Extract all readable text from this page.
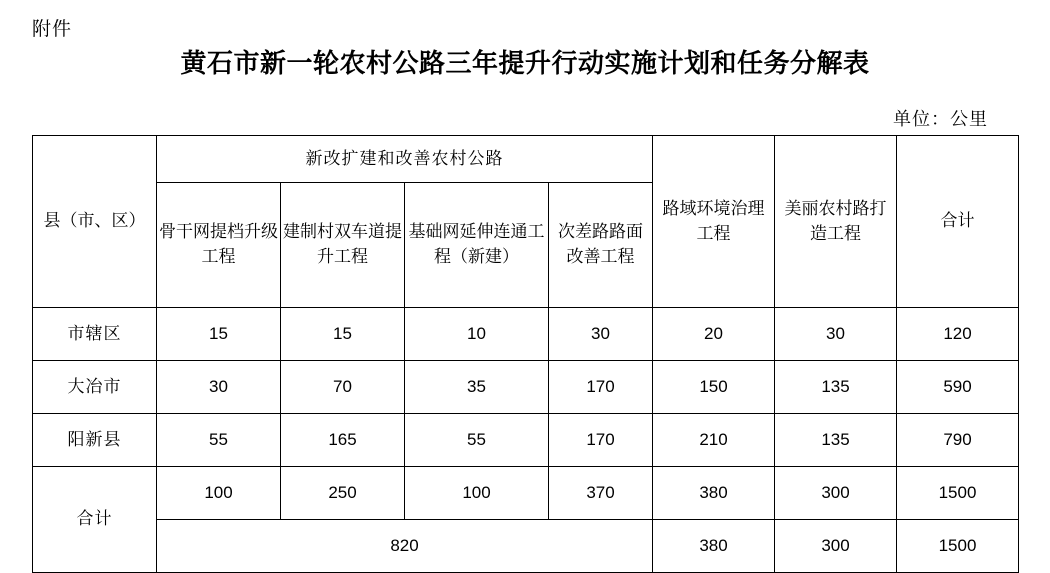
附件
黄石市新一轮农村公路三年提升行动实施计划和任务分解表
单位：公里
县（市、区）	新改扩建和改善农村公路				路域环境治理工程	美丽农村路打造工程	合计
	骨干网提档升级工程	建制村双车道提升工程	基础网延伸连通工程（新建）	次差路路面改善工程			
市辖区	15	15	10	30	20	30	120
大冶市	30	70	35	170	150	135	590
阳新县	55	165	55	170	210	135	790
合计	100	250	100	370	380	300	1500
	820				380	300	1500
